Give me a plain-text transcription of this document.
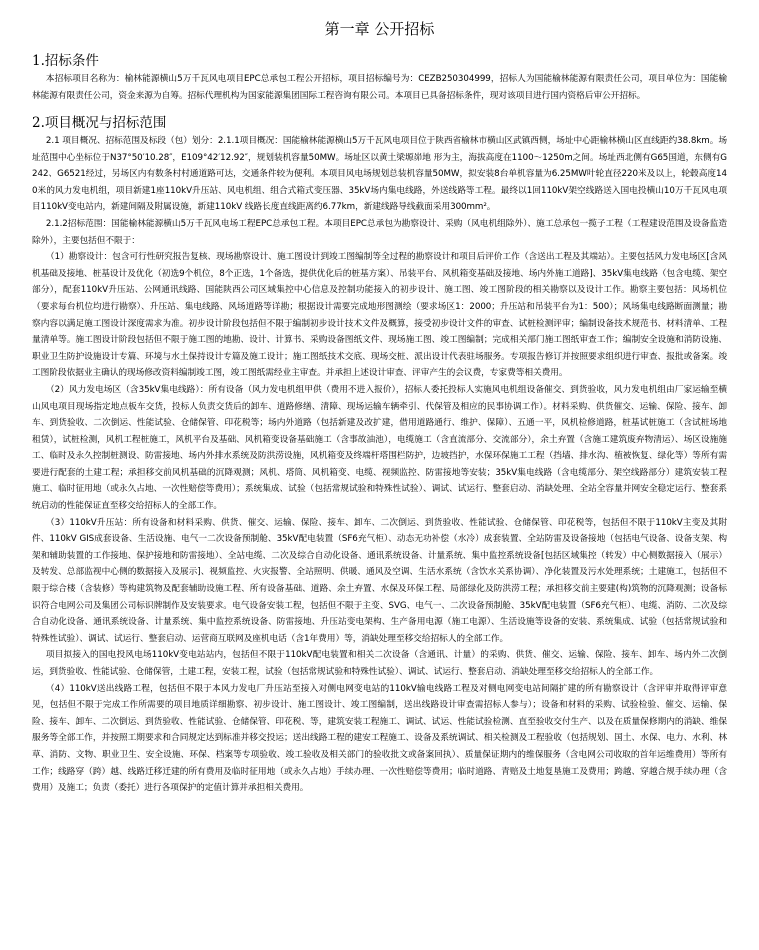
第一章 公开招标
1.招标条件

本招标项目名称为：榆林能源横山5万千瓦风电项目EPC总承包工程公开招标，项目招标编号为：CEZB250304999，招标人为国能榆林能源有限责任公司，项目单位为：国能榆林能源有限责任公司，资金来源为自筹。招标代理机构为国家能源集团国际工程咨询有限公司。本项目已具备招标条件，现对该项目进行国内资格后审公开招标。

2.项目概况与招标范围

2.1 项目概况、招标范围及标段（包）划分：2.1.1项目概况：国能榆林能源横山5万千瓦风电项目位于陕西省榆林市横山区武镇西侧，场址中心距榆林横山区直线距约38.8km。场址范围中心坐标位于N37°50′10.28″，E109°42′12.92″，规划装机容量50MW。场址区以黄土梁塬峁地 形为主，海拔高度在1100～1250m之间。场址西北侧有G65国道，东侧有G242、G6521经过，另场区内有数条村村通道路可达，交通条件较为便利。本项目风电场规划总装机容量50MW，拟安装8台单机容量为6.25MW叶轮直径220米及以上，轮毂高度140米的风力发电机组，项目新建1座110kV升压站、风电机组、组合式箱式变压器、35kV场内集电线路，外送线路等工程。最终以1回110kV架空线路送入国电投横山10万千瓦风电项目110kV变电站内，新建间隔及附属设施，新建110kV 线路长度直线距离约6.77km，新建线路导线截面采用300mm²。

2.1.2招标范围：国能榆林能源横山5万千瓦风电场工程EPC总承包工程。本项目EPC总承包为勘察设计、采购（风电机组除外）、施工总承包一揽子工程（工程建设范围及设备监造除外），主要包括但不限于：

（1）勘察设计：包含可行性研究报告复核、现场勘察设计、施工图设计到竣工图编制等全过程的勘察设计和项目后评价工作（含送出工程及其端站）。主要包括风力发电场区[含风机基础及接地、桩基设计及优化（初选9个机位，8个正选，1个备选，提供优化后的桩基方案）、吊装平台、风机箱变基础及接地、场内外施工道路]、35kV集电线路（包含电缆、架空部分），配套110kV升压站、公网通讯线路、国能陕西公司区域集控中心信息及控制功能接入的初步设计、施工图、竣工图阶段的相关勘察以及设计工作。勘察主要包括：风场机位（要求每台机位均进行勘察）、升压站、集电线路、风场道路等详勘；根据设计需要完成地形图测绘（要求场区1：2000；升压站和吊装平台为1：500）；风场集电线路断面测量；勘察内容以满足施工图设计深度需求为准。初步设计阶段包括但不限于编制初步设计技术文件及概算，接受初步设计文件的审查、试桩检测评审；编制设备技术规范书、材料清单、工程量清单等。施工图设计阶段包括但不限于施工图的地勘、设计、计算书、采购设备图纸文件、现场施工图、竣工图编制；完成相关部门施工图纸审查工作；编制安全设施和消防设施、职业卫生防护设施设计专篇、环境与水土保持设计专篇及施工设计；施工图纸技术交底、现场交桩、派出设计代表驻场服务。专项报告修订并按照要求组织进行审查、报批或备案。竣工图阶段依据业主确认的现场修改资料编制竣工图，竣工图纸需经业主审查。并承担上述设计审查、评审产生的会议费，专家费等相关费用。

（2）风力发电场区（含35kV集电线路）：所有设备（风力发电机组甲供（费用不进入报价），招标人委托投标人实施风电机组设备催交、到货验收，风力发电机组由厂家运输至横山风电项目现场指定地点板车交货，投标人负责交货后的卸车、道路修缮、清障、现场运输车辆牵引、代保管及相应的民事协调工作）。材料采购、供货催交、运输、保险、接车、卸车、到货验收、二次倒运、性能试验、仓储保管、印花税等；场内外道路（包括新建及改扩建，借用道路通行、维护、保障）、五通一平，风机检修道路，桩基试桩施工（含试桩场地租赁），试桩检测，风机工程桩施工，风机平台及基础、风机箱变设备基础施工（含事故油池），电缆施工（含直流部分、交流部分），余土弃置（含施工建筑废弃物清运）、场区设施施工、临时及永久控制桩测设、防雷接地、场内外排水系统及防洪涝设施，风机箱变及终端杆塔围栏防护，边坡挡护，水保环保施工工程（挡墙、排水沟、植被恢复、绿化等）等所有需要进行配套的土建工程；承担移交前风机基础的沉降观测；风机、塔筒、风机箱变、电缆、视频监控、防雷接地等安装；35kV集电线路（含电缆部分、架空线路部分）建筑安装工程施工、临时征用地（或永久占地、一次性赔偿等费用）；系统集成、试验（包括常规试验和特殊性试验）、调试、试运行、整套启动、消缺处理、全站全容量并网安全稳定运行、整套系统启动的性能保证直至移交给招标人的全部工作。

（3）110kV升压站：所有设备和材料采购、供货、催交、运输、保险、接车、卸车、二次倒运、到货验收、性能试验、仓储保管、印花税等，包括但不限于110kV主变及其附件、110kV GIS成套设备、生活设施、电气一二次设备预制舱、35kV配电装置（SF6充气柜）、动态无功补偿（水冷）成套装置、全站防雷及设备接地（包括电气设备、设备支架、构架和辅助装置的工作接地、保护接地和防雷接地）、全站电缆、二次及综合自动化设备、通讯系统设备、计量系统、集中监控系统设备[包括区域集控（转发）中心侧数据接入（展示）及转发、总部监视中心侧的数据接入及展示]、视频监控、火灾报警、全站照明、供暖、通风及空调、生活水系统（含饮水关系协调）、净化装置及污水处理系统；土建施工，包括但不限于综合楼（含装修）等构建筑物及配套辅助设施工程、所有设备基础、道路、余土弃置、水保及环保工程、局部绿化及防洪涝工程；承担移交前主要建(构)筑物的沉降观测；设备标识符合电网公司及集团公司标识牌制作及安装要求。电气设备安装工程，包括但不限于主变、SVG、电气一、二次设备预制舱、35kV配电装置（SF6充气柜）、电缆、消防、二次及综合自动化设备、通讯系统设备、计量系统、集中监控系统设备、防雷接地、升压站变电架构、生产备用电源（施工电源）、生活设施等设备的安装、系统集成、试验（包括常规试验和特殊性试验）、调试、试运行、整套启动、运营商互联网及座机电话（含1年费用）等，消缺处理至移交给招标人的全部工作。

项目拟接入的国电投风电场110kV变电站站内，包括但不限于110kV配电装置和相关二次设备（含通讯、计量）的采购、供货、催交、运输、保险、接车、卸车、场内外二次倒运，到货验收、性能试验、仓储保管，土建工程，安装工程，试验（包括常规试验和特殊性试验）、调试、试运行、整套启动、消缺处理至移交给招标人的全部工作。

（4）110kV送出线路工程，包括但不限于本风力发电厂升压站至接入对侧电网变电站的110kV输电线路工程及对侧电网变电站间隔扩建的所有勘察设计（含评审并取得评审意见，包括但不限于完成工作所需要的项目地质详细勘察、初步设计、施工图设计、竣工图编制，送出线路设计审查需招标人参与）；设备和材料的采购、试验检验、催交、运输、保险、接车、卸车、二次倒运、到货验收、性能试验、仓储保管、印花税、等，建筑安装工程施工、调试、试运、性能试验检测、直至验收交付生产、以及在质量保修期内的消缺、维保服务等全部工作，并按照工期要求和合同规定达到标准并移交投运；送出线路工程的建安工程施工、设备及系统调试、相关检测及工程验收（包括规划、国土、水保、电力、水利、林草、消防、文物、职业卫生、安全设施、环保、档案等专项验收、竣工验收及相关部门的验收批文或备案回执）、质量保证期内的维保服务（含电网公司收取的首年运维费用）等所有工作；线路穿（跨）越、线路迁移迁建的所有费用及临时征用地（或永久占地）手续办理、一次性赔偿等费用；临时道路、青赔及土地复垦施工及费用；跨越、穿越合规手续办理（含费用）及施工；负责（委托）进行各项保护的定值计算并承担相关费用。
